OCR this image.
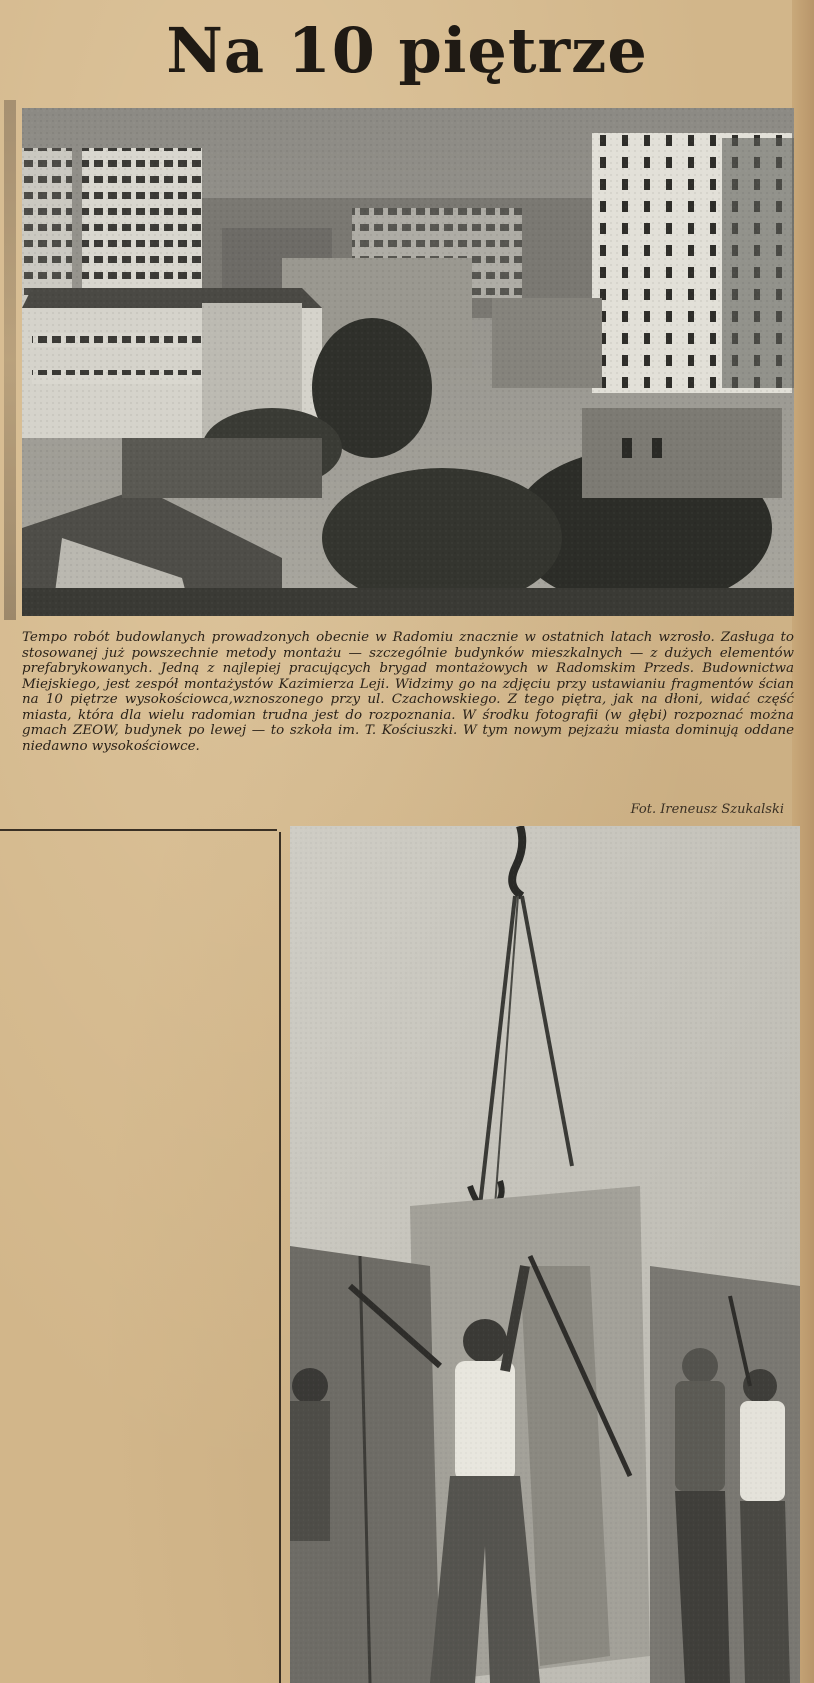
Na 10 piętrze

Tempo robót budowlanych prowadzonych obecnie w Radomiu znacznie w ostatnich latach wzrosło. Zasługa to stosowanej już powszechnie metody montażu — szczególnie budynków mieszkalnych — z dużych elementów prefabrykowanych. Jedną z najlepiej pracujących brygad montażowych w Radomskim Przeds. Budownictwa Miejskiego, jest zespół montażystów Kazimierza Leji. Widzimy go na zdjęciu przy ustawianiu fragmentów ścian na 10 piętrze wysokościowca,wznoszonego przy ul. Czachowskiego. Z tego piętra, jak na dłoni, widać część miasta, która dla wielu radomian trudna jest do rozpoznania. W środku fotografii (w głębi) rozpoznać można gmach ZEOW, budynek po lewej — to szkoła im. T. Kościuszki. W tym nowym pejzażu miasta dominują oddane niedawno wysokościowce.

Fot. Ireneusz Szukalski
